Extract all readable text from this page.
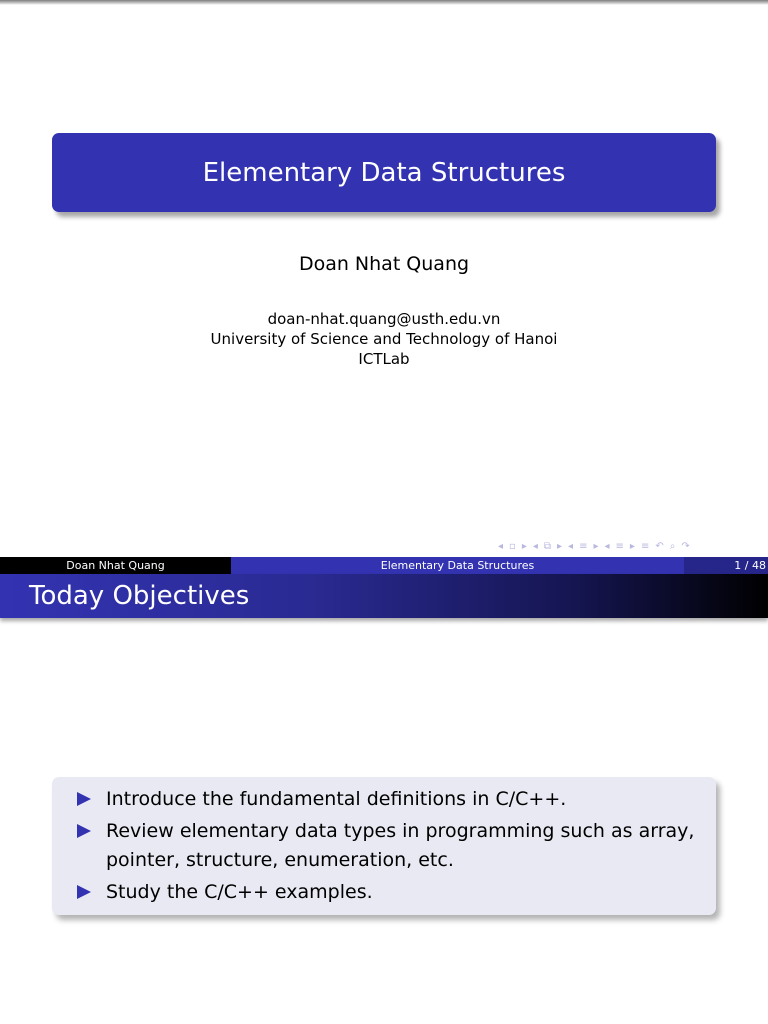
Elementary Data Structures
Doan Nhat Quang
doan-nhat.quang@usth.edu.vn
University of Science and Technology of Hanoi
ICTLab
◂ ▫ ▸ ◂ ⧉ ▸ ◂ ≡ ▸ ◂ ≡ ▸ ≡ ↶ ⌕ ↷
Doan Nhat Quang	Elementary Data Structures	1 / 48
Today Objectives
Introduce the fundamental definitions in C/C++.
Review elementary data types in programming such as array, pointer, structure, enumeration, etc.
Study the C/C++ examples.
